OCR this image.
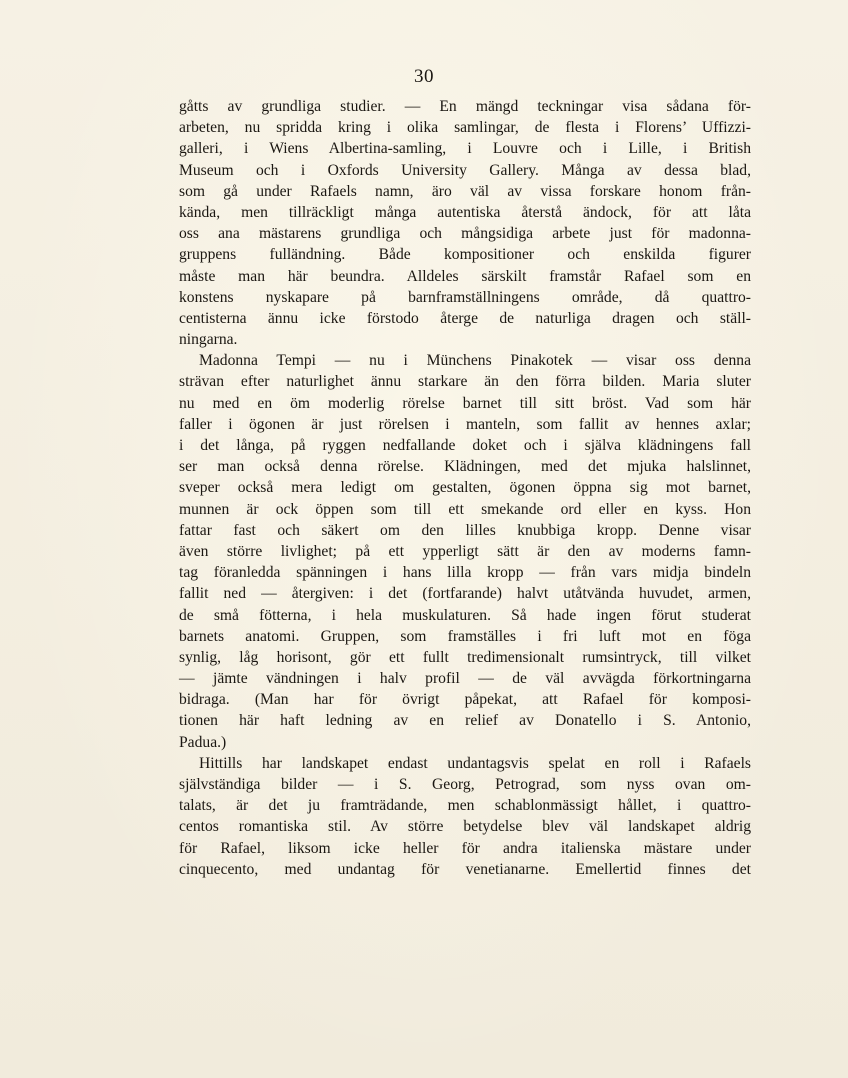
30
gåtts av grundliga studier. — En mängd teckningar visa sådana för-
arbeten, nu spridda kring i olika samlingar, de flesta i Florens’ Uffizzi-
galleri, i Wiens Albertina-samling, i Louvre och i Lille, i British
Museum och i Oxfords University Gallery. Många av dessa blad,
som gå under Rafaels namn, äro väl av vissa forskare honom från-
kända, men tillräckligt många autentiska återstå ändock, för att låta
oss ana mästarens grundliga och mångsidiga arbete just för madonna-
gruppens fulländning. Både kompositioner och enskilda figurer
måste man här beundra. Alldeles särskilt framstår Rafael som en
konstens nyskapare på barnframställningens område, då quattro-
centisterna ännu icke förstodo återge de naturliga dragen och ställ-
ningarna.
Madonna Tempi — nu i Münchens Pinakotek — visar oss denna
strävan efter naturlighet ännu starkare än den förra bilden. Maria sluter
nu med en öm moderlig rörelse barnet till sitt bröst. Vad som här
faller i ögonen är just rörelsen i manteln, som fallit av hennes axlar;
i det långa, på ryggen nedfallande doket och i själva klädningens fall
ser man också denna rörelse. Klädningen, med det mjuka halslinnet,
sveper också mera ledigt om gestalten, ögonen öppna sig mot barnet,
munnen är ock öppen som till ett smekande ord eller en kyss. Hon
fattar fast och säkert om den lilles knubbiga kropp. Denne visar
även större livlighet; på ett ypperligt sätt är den av moderns famn-
tag föranledda spänningen i hans lilla kropp — från vars midja bindeln
fallit ned — återgiven: i det (fortfarande) halvt utåtvända huvudet, armen,
de små fötterna, i hela muskulaturen. Så hade ingen förut studerat
barnets anatomi. Gruppen, som framställes i fri luft mot en föga
synlig, låg horisont, gör ett fullt tredimensionalt rumsintryck, till vilket
— jämte vändningen i halv profil — de väl avvägda förkortningarna
bidraga. (Man har för övrigt påpekat, att Rafael för komposi-
tionen här haft ledning av en relief av Donatello i S. Antonio,
Padua.)
Hittills har landskapet endast undantagsvis spelat en roll i Rafaels
självständiga bilder — i S. Georg, Petrograd, som nyss ovan om-
talats, är det ju framträdande, men schablonmässigt hållet, i quattro-
centos romantiska stil. Av större betydelse blev väl landskapet aldrig
för Rafael, liksom icke heller för andra italienska mästare under
cinquecento, med undantag för venetianarne. Emellertid finnes det
